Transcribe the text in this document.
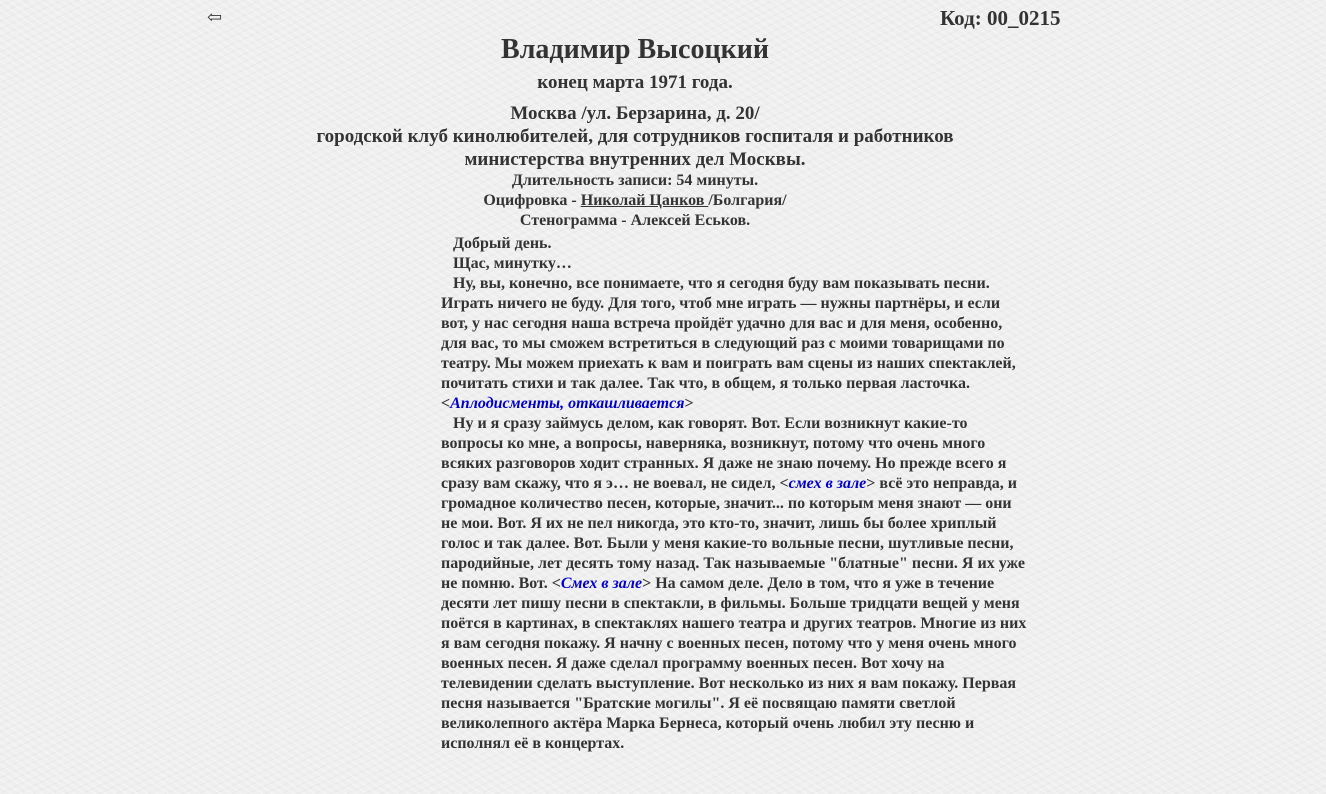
⇦	Код: 00_0215
Владимир Высоцкий
конец марта 1971 года.
Москва /ул. Берзарина, д. 20/
городской клуб кинолюбителей, для сотрудников госпиталя и работников министерства внутренних дел Москвы.
Длительность записи: 54 минуты.
Оцифровка - Николай Цанков /Болгария/
Стенограмма - Алексей Еськов.

Добрый день.

Щас, минутку…

Ну, вы, конечно, все понимаете, что я сегодня буду вам показывать песни. Играть ничего не буду. Для того, чтоб мне играть — нужны партнёры, и если вот, у нас сегодня наша встреча пройдёт удачно для вас и для меня, особенно, для вас, то мы сможем встретиться в следующий раз с моими товарищами по театру. Мы можем приехать к вам и поиграть вам сцены из наших спектаклей, почитать стихи и так далее. Так что, в общем, я только первая ласточка.

<Аплодисменты, откашливается>

Ну и я сразу займусь делом, как говорят. Вот. Если возникнут какие-то вопросы ко мне, а вопросы, наверняка, возникнут, потому что очень много всяких разговоров ходит странных. Я даже не знаю почему. Но прежде всего я сразу вам скажу, что я э… не воевал, не сидел, <смех в зале> всё это неправда, и громадное количество песен, которые, значит... по которым меня знают — они не мои. Вот. Я их не пел никогда, это кто-то, значит, лишь бы более хриплый голос и так далее. Вот. Были у меня какие-то вольные песни, шутливые песни, пародийные, лет десять тому назад. Так называемые "блатные" песни. Я их уже не помню. Вот. <Смех в зале> На самом деле. Дело в том, что я уже в течение десяти лет пишу песни в спектакли, в фильмы. Больше тридцати вещей у меня поётся в картинах, в спектаклях нашего театра и других театров. Многие из них я вам сегодня покажу. Я начну с военных песен, потому что у меня очень много военных песен. Я даже сделал программу военных песен. Вот хочу на телевидении сделать выступление. Вот несколько из них я вам покажу. Первая песня называется "Братские могилы". Я её посвящаю памяти светлой великолепного актёра Марка Бернеса, который очень любил эту песню и исполнял её в концертах.
